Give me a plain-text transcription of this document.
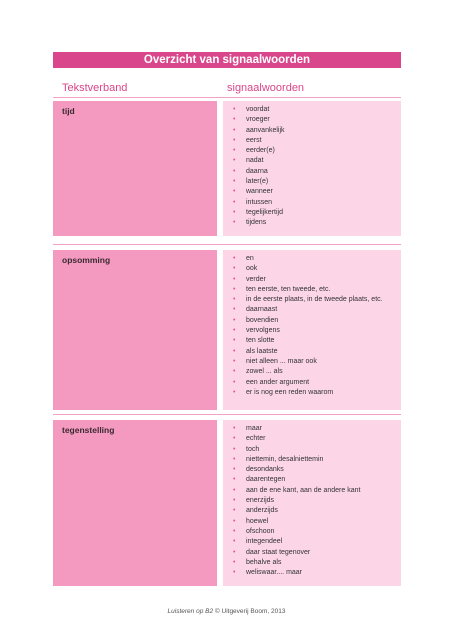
Overzicht van signaalwoorden
Tekstverband	signaalwoorden
tijd	• voordat
• vroeger
• aanvankelijk
• eerst
• eerder(e)
• nadat
• daarna
• later(e)
• wanneer
• intussen
• tegelijkertijd
• tijdens
opsomming	• en
• ook
• verder
• ten eerste, ten tweede, etc.
• in de eerste plaats, in de tweede plaats, etc.
• daarnaast
• bovendien
• vervolgens
• ten slotte
• als laatste
• niet alleen ... maar ook
• zowel ... als
• een ander argument
• er is nog een reden waarom
tegenstelling	• maar
• echter
• toch
• niettemin, desalniettemin
• desondanks
• daarentegen
• aan de ene kant, aan de andere kant
• enerzijds
• anderzijds
• hoewel
• ofschoon
• integendeel
• daar staat tegenover
• behalve als
• weliswaar.... maar
Luisteren op B2 © Uitgeverij Boom, 2013
